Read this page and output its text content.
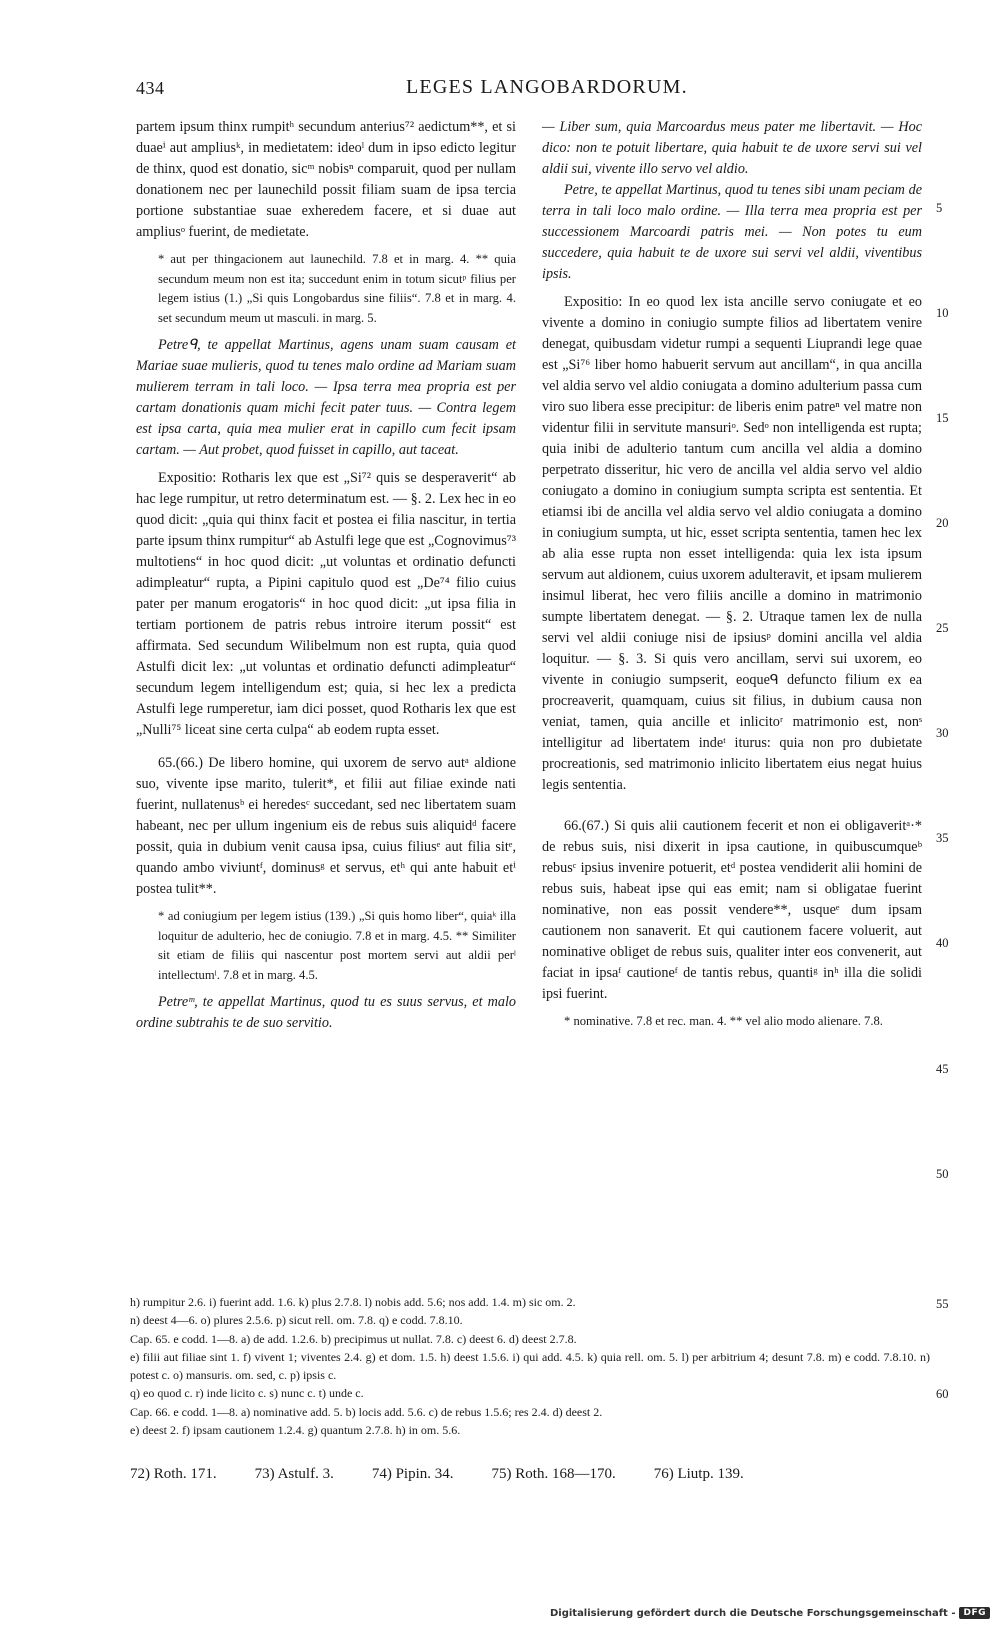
434	LEGES LANGOBARDORUM.

partem ipsum thinx rumpitʰ secundum anterius⁷² aedictum**, et si duaeⁱ aut ampliusᵏ, in medietatem: ideoˡ dum in ipso edicto legitur de thinx, quod est donatio, sicᵐ nobisⁿ comparuit, quod per nullam donationem nec per launechild possit filiam suam de ipsa tercia portione substantiae suae exheredem facere, et si duae aut ampliusᵒ fuerint, de medietate.

* aut per thingacionem aut launechild. 7.8 et in marg. 4. ** quia secundum meum non est ita; succedunt enim in totum sicutᵖ filius per legem istius (1.) „Si quis Longobardus sine filiis“. 7.8 et in marg. 4. set secundum meum ut masculi. in marg. 5.

Petreᑫ, te appellat Martinus, agens unam suam causam et Mariae suae mulieris, quod tu tenes malo ordine ad Mariam suam mulierem terram in tali loco. — Ipsa terra mea propria est per cartam donationis quam michi fecit pater tuus. — Contra legem est ipsa carta, quia mea mulier erat in capillo cum fecit ipsam cartam. — Aut probet, quod fuisset in capillo, aut taceat.

Expositio: Rotharis lex que est „Si⁷² quis se desperaverit“ ab hac lege rumpitur, ut retro determinatum est. — §. 2. Lex hec in eo quod dicit: „quia qui thinx facit et postea ei filia nascitur, in tertia parte ipsum thinx rumpitur“ ab Astulfi lege que est „Cognovimus⁷³ multotiens“ in hoc quod dicit: „ut voluntas et ordinatio defuncti adimpleatur“ rupta, a Pipini capitulo quod est „De⁷⁴ filio cuius pater per manum erogatoris“ in hoc quod dicit: „ut ipsa filia in tertiam portionem de patris rebus introire iterum possit“ est affirmata. Sed secundum Wilibelmum non est rupta, quia quod Astulfi dicit lex: „ut voluntas et ordinatio defuncti adimpleatur“ secundum legem intelligendum est; quia, si hec lex a predicta Astulfi lege rumperetur, iam dici posset, quod Rotharis lex que est „Nulli⁷⁵ liceat sine certa culpa“ ab eodem rupta esset.

65.(66.) De libero homine, qui uxorem de servo autᵃ aldione suo, vivente ipse marito, tulerit*, et filii aut filiae exinde nati fuerint, nullatenusᵇ ei heredesᶜ succedant, sed nec libertatem suam habeant, nec per ullum ingenium eis de rebus suis aliquidᵈ facere possit, quia in dubium venit causa ipsa, cuius filiusᵉ aut filia sitᵉ, quando ambo viviuntᶠ, dominusᵍ et servus, etʰ qui ante habuit etⁱ postea tulit**.

* ad coniugium per legem istius (139.) „Si quis homo liber“, quiaᵏ illa loquitur de adulterio, hec de coniugio. 7.8 et in marg. 4.5. ** Similiter sit etiam de filiis qui nascentur post mortem servi aut aldii perˡ intellectumˡ. 7.8 et in marg. 4.5.

Petreᵐ, te appellat Martinus, quod tu es suus servus, et malo ordine subtrahis te de suo servitio.

— Liber sum, quia Marcoardus meus pater me libertavit. — Hoc dico: non te potuit libertare, quia habuit te de uxore servi sui vel aldii sui, vivente illo servo vel aldio.

Petre, te appellat Martinus, quod tu tenes sibi unam peciam de terra in tali loco malo ordine. — Illa terra mea propria est per successionem Marcoardi patris mei. — Non potes tu eum succedere, quia habuit te de uxore sui servi vel aldii, viventibus ipsis.

Expositio: In eo quod lex ista ancille servo coniugate et eo vivente a domino in coniugio sumpte filios ad libertatem venire denegat, quibusdam videtur rumpi a sequenti Liuprandi lege quae est „Si⁷⁶ liber homo habuerit servum aut ancillam“, in qua ancilla vel aldia servo vel aldio coniugata a domino adulterium passa cum viro suo libera esse precipitur: de liberis enim patreⁿ vel matre non videntur filii in servitute mansuriᵒ. Sedᵒ non intelligenda est rupta; quia inibi de adulterio tantum cum ancilla vel aldia a domino perpetrato disseritur, hic vero de ancilla vel aldia servo vel aldio coniugato a domino in coniugium sumpta scripta est sententia. Et etiamsi ibi de ancilla vel aldia servo vel aldio coniugata a domino in coniugium sumpta, ut hic, esset scripta sententia, tamen hec lex ab alia esse rupta non esset intelligenda: quia lex ista ipsum servum aut aldionem, cuius uxorem adulteravit, et ipsam mulierem insimul liberat, hec vero filiis ancille a domino in matrimonio sumpte libertatem denegat. — §. 2. Utraque tamen lex de nulla servi vel aldii coniuge nisi de ipsiusᵖ domini ancilla vel aldia loquitur. — §. 3. Si quis vero ancillam, servi sui uxorem, eo vivente in coniugio sumpserit, eoqueᑫ defuncto filium ex ea procreaverit, quamquam, cuius sit filius, in dubium causa non veniat, tamen, quia ancille et inlicitoʳ matrimonio est, nonˢ intelligitur ad libertatem indeᵗ iturus: quia non pro dubietate procreationis, sed matrimonio inlicito libertatem eius negat huius legis sententia.

66.(67.) Si quis alii cautionem fecerit et non ei obligaveritᵃ·* de rebus suis, nisi dixerit in ipsa cautione, in quibuscumqueᵇ rebusᶜ ipsius invenire potuerit, etᵈ postea vendiderit alii homini de rebus suis, habeat ipse qui eas emit; nam si obligatae fuerint nominative, non eas possit vendere**, usqueᵉ dum ipsam cautionem non sanaverit. Et qui cautionem facere voluerit, aut nominative obliget de rebus suis, qualiter inter eos convenerit, aut faciat in ipsaᶠ cautioneᶠ de tantis rebus, quantiᵍ inʰ illa die solidi ipsi fuerint.

* nominative. 7.8 et rec. man. 4. ** vel alio modo alienare. 7.8.

5
10
15
20
25
30
35
40
45
50
55
60

h) rumpitur 2.6. i) fuerint add. 1.6. k) plus 2.7.8. l) nobis add. 5.6; nos add. 1.4. m) sic om. 2.

n) deest 4—6. o) plures 2.5.6. p) sicut rell. om. 7.8. q) e codd. 7.8.10.

Cap. 65. e codd. 1—8. a) de add. 1.2.6. b) precipimus ut nullat. 7.8. c) deest 6. d) deest 2.7.8.

e) filii aut filiae sint 1. f) vivent 1; viventes 2.4. g) et dom. 1.5. h) deest 1.5.6. i) qui add. 4.5. k) quia rell. om. 5. l) per arbitrium 4; desunt 7.8. m) e codd. 7.8.10. n) potest c. o) mansuris. om. sed, c. p) ipsis c.

q) eo quod c. r) inde licito c. s) nunc c. t) unde c.

Cap. 66. e codd. 1—8. a) nominative add. 5. b) locis add. 5.6. c) de rebus 1.5.6; res 2.4. d) deest 2.

e) deest 2. f) ipsam cautionem 1.2.4. g) quantum 2.7.8. h) in om. 5.6.

72) Roth. 171.	73) Astulf. 3.	74) Pipin. 34.	75) Roth. 168—170.	76) Liutp. 139.
Digitalisierung gefördert durch die Deutsche Forschungsgemeinschaft - DFG
